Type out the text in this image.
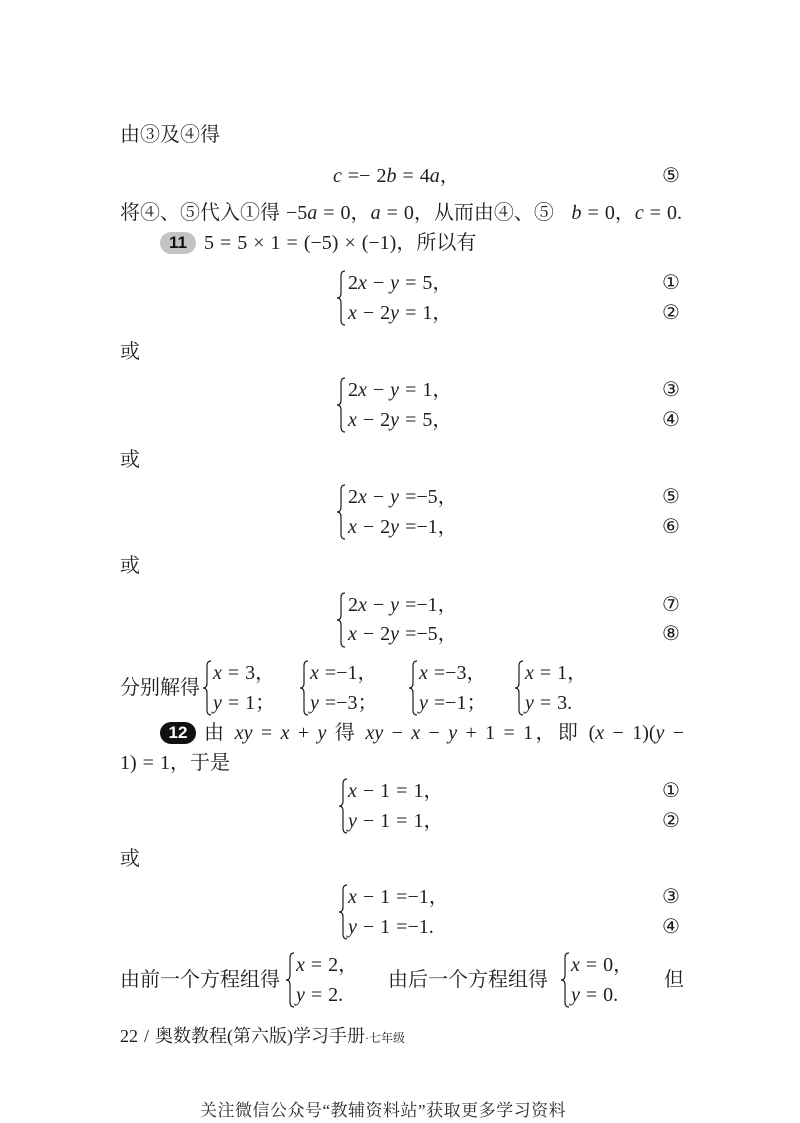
由③及④得
c =− 2b = 4a，	⑤
将④、⑤代入①得 −5a = 0，a = 0，从而由④、⑤ b = 0，c = 0.
11 5 = 5 × 1 = (−5) × (−1)，所以有
2x − y = 5，	①
x − 2y = 1，	②
或
2x − y = 1，	③
x − 2y = 5，	④
或
2x − y =−5，	⑤
x − 2y =−1，	⑥
或
2x − y =−1，	⑦
x − 2y =−5，	⑧
分别解得
x = 3，
y = 1；
x =−1，
y =−3；
x =−3，
y =−1；
x = 1，
y = 3.
12 由 xy = x + y 得 xy − x − y + 1 = 1，即 (x − 1)(y −
1) = 1，于是
x − 1 = 1，	①
y − 1 = 1，	②
或
x − 1 =−1，	③
y − 1 =−1.	④
由前一个方程组得
x = 2，
y = 2.
由后一个方程组得
x = 0，
y = 0.
但
22 / 奥数教程(第六版)学习手册·七年级
关注微信公众号“教辅资料站”获取更多学习资料
